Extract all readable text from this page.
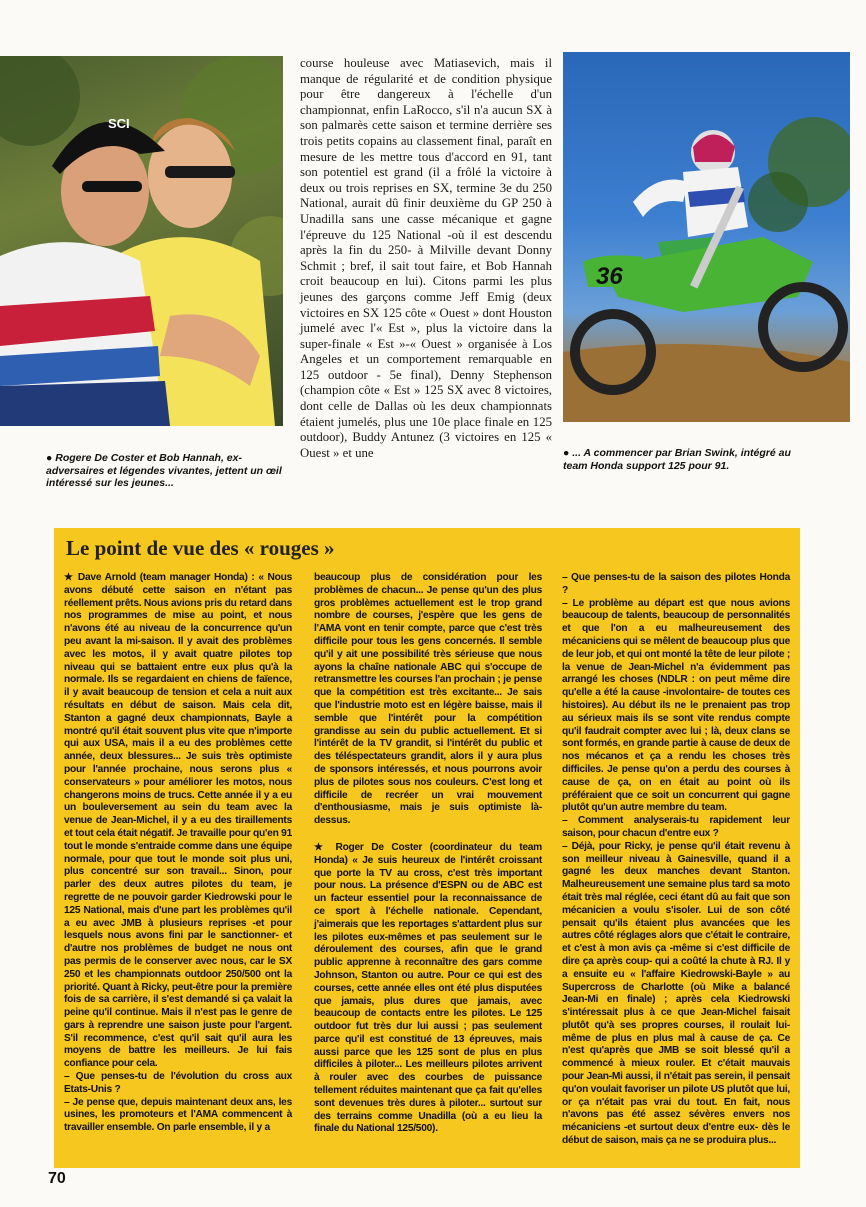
SCI

course houleuse avec Matiasevich, mais il manque de régularité et de condition physique pour être dangereux à l'échelle d'un championnat, enfin LaRocco, s'il n'a aucun SX à son palmarès cette saison et termine derrière ses trois petits copains au classement final, paraît en mesure de les mettre tous d'accord en 91, tant son potentiel est grand (il a frôlé la victoire à deux ou trois reprises en SX, termine 3e du 250 National, aurait dû finir deuxième du GP 250 à Unadilla sans une casse mécanique et gagne l'épreuve du 125 National -où il est descendu après la fin du 250- à Milville devant Donny Schmit ; bref, il sait tout faire, et Bob Hannah croit beaucoup en lui). Citons parmi les plus jeunes des garçons comme Jeff Emig (deux victoires en SX 125 côte « Ouest » dont Houston jumelé avec l'« Est », plus la victoire dans la super-finale « Est »-« Ouest » organisée à Los Angeles et un comportement remarquable en 125 outdoor - 5e final), Denny Stephenson (champion côte « Est » 125 SX avec 8 victoires, dont celle de Dallas où les deux championnats étaient jumelés, plus une 10e place finale en 125 outdoor), Buddy Antunez (3 victoires en 125 « Ouest » et une

36
● Rogere De Coster et Bob Hannah, ex-adversaires et légendes vivantes, jettent un œil intéressé sur les jeunes...
● ... A commencer par Brian Swink, intégré au team Honda support 125 pour 91.
Le point de vue des « rouges »

★ Dave Arnold (team manager Honda) : « Nous avons débuté cette saison en n'étant pas réellement prêts. Nous avions pris du retard dans nos programmes de mise au point, et nous n'avons été au niveau de la concurrence qu'un peu avant la mi-saison. Il y avait des problèmes avec les motos, il y avait quatre pilotes top niveau qui se battaient entre eux plus qu'à la normale. Ils se regardaient en chiens de faïence, il y avait beaucoup de tension et cela a nuit aux résultats en début de saison. Mais cela dit, Stanton a gagné deux championnats, Bayle a montré qu'il était souvent plus vite que n'importe qui aux USA, mais il a eu des problèmes cette année, deux blessures... Je suis très optimiste pour l'année prochaine, nous serons plus « conservateurs » pour améliorer les motos, nous changerons moins de trucs. Cette année il y a eu un bouleversement au sein du team avec la venue de Jean-Michel, il y a eu des tiraillements et tout cela était négatif. Je travaille pour qu'en 91 tout le monde s'entraide comme dans une équipe normale, pour que tout le monde soit plus uni, plus concentré sur son travail... Sinon, pour parler des deux autres pilotes du team, je regrette de ne pouvoir garder Kiedrowski pour le 125 National, mais d'une part les problèmes qu'il a eu avec JMB à plusieurs reprises -et pour lesquels nous avons fini par le sanctionner- et d'autre nos problèmes de budget ne nous ont pas permis de le conserver avec nous, car le SX 250 et les championnats outdoor 250/500 ont la priorité. Quant à Ricky, peut-être pour la première fois de sa carrière, il s'est demandé si ça valait la peine qu'il continue. Mais il n'est pas le genre de gars à reprendre une saison juste pour l'argent. S'il recommence, c'est qu'il sait qu'il aura les moyens de battre les meilleurs. Je lui fais confiance pour cela.

– Que penses-tu de l'évolution du cross aux Etats-Unis ?

– Je pense que, depuis maintenant deux ans, les usines, les promoteurs et l'AMA commencent à travailler ensemble. On parle ensemble, il y a

beaucoup plus de considération pour les problèmes de chacun... Je pense qu'un des plus gros problèmes actuellement est le trop grand nombre de courses, j'espère que les gens de l'AMA vont en tenir compte, parce que c'est très difficile pour tous les gens concernés. Il semble qu'il y ait une possibilité très sérieuse que nous ayons la chaîne nationale ABC qui s'occupe de retransmettre les courses l'an prochain ; je pense que la compétition est très excitante... Je sais que l'industrie moto est en légère baisse, mais il semble que l'intérêt pour la compétition grandisse au sein du public actuellement. Et si l'intérêt de la TV grandit, si l'intérêt du public et des téléspectateurs grandit, alors il y aura plus de sponsors intéressés, et nous pourrons avoir plus de pilotes sous nos couleurs. C'est long et difficile de recréer un vrai mouvement d'enthousiasme, mais je suis optimiste là-dessus.

★ Roger De Coster (coordinateur du team Honda) « Je suis heureux de l'intérêt croissant que porte la TV au cross, c'est très important pour nous. La présence d'ESPN ou de ABC est un facteur essentiel pour la reconnaissance de ce sport à l'échelle nationale. Cependant, j'aimerais que les reportages s'attardent plus sur les pilotes eux-mêmes et pas seulement sur le déroulement des courses, afin que le grand public apprenne à reconnaître des gars comme Johnson, Stanton ou autre. Pour ce qui est des courses, cette année elles ont été plus disputées que jamais, plus dures que jamais, avec beaucoup de contacts entre les pilotes. Le 125 outdoor fut très dur lui aussi ; pas seulement parce qu'il est constitué de 13 épreuves, mais aussi parce que les 125 sont de plus en plus difficiles à piloter... Les meilleurs pilotes arrivent à rouler avec des courbes de puissance tellement réduites maintenant que ça fait qu'elles sont devenues très dures à piloter... surtout sur des terrains comme Unadilla (où a eu lieu la finale du National 125/500).

– Que penses-tu de la saison des pilotes Honda ?

– Le problème au départ est que nous avions beaucoup de talents, beaucoup de personnalités et que l'on a eu malheureusement des mécaniciens qui se mêlent de beaucoup plus que de leur job, et qui ont monté la tête de leur pilote ; la venue de Jean-Michel n'a évidemment pas arrangé les choses (NDLR : on peut même dire qu'elle a été la cause -involontaire- de toutes ces histoires). Au début ils ne le prenaient pas trop au sérieux mais ils se sont vite rendus compte qu'il faudrait compter avec lui ; là, deux clans se sont formés, en grande partie à cause de deux de nos mécanos et ça a rendu les choses très difficiles. Je pense qu'on a perdu des courses à cause de ça, on en était au point où ils préféraient que ce soit un concurrent qui gagne plutôt qu'un autre membre du team.

– Comment analyserais-tu rapidement leur saison, pour chacun d'entre eux ?

– Déjà, pour Ricky, je pense qu'il était revenu à son meilleur niveau à Gainesville, quand il a gagné les deux manches devant Stanton. Malheureusement une semaine plus tard sa moto était très mal réglée, ceci étant dû au fait que son mécanicien a voulu s'isoler. Lui de son côté pensait qu'ils étaient plus avancées que les autres côté réglages alors que c'était le contraire, et c'est à mon avis ça -même si c'est difficile de dire ça après coup- qui a coûté la chute à RJ. Il y a ensuite eu « l'affaire Kiedrowski-Bayle » au Supercross de Charlotte (où Mike a balancé Jean-Mi en finale) ; après cela Kiedrowski s'intéressait plus à ce que Jean-Michel faisait plutôt qu'à ses propres courses, il roulait lui-même de plus en plus mal à cause de ça. Ce n'est qu'après que JMB se soit blessé qu'il a commencé à mieux rouler. Et c'était mauvais pour Jean-Mi aussi, il n'était pas serein, il pensait qu'on voulait favoriser un pilote US plutôt que lui, or ça n'était pas vrai du tout. En fait, nous n'avons pas été assez sévères envers nos mécaniciens -et surtout deux d'entre eux- dès le début de saison, mais ça ne se produira plus...

70
